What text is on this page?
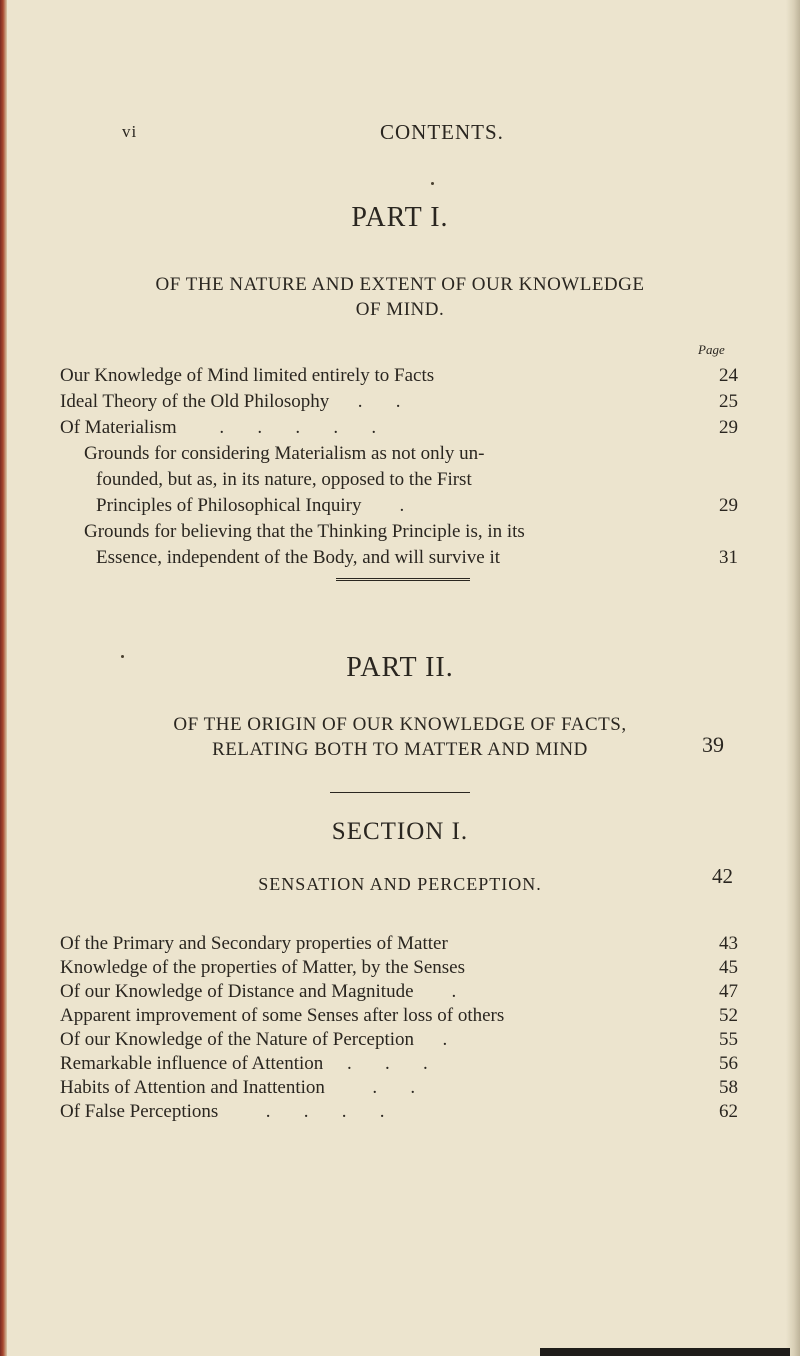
vi	CONTENTS.
PART I.
OF THE NATURE AND EXTENT OF OUR KNOWLEDGE
OF MIND.
Page
Our Knowledge of Mind limited entirely to Facts	24
Ideal Theory of the Old Philosophy      .       .	25
Of Materialism         .       .       .       .       .	29
Grounds for considering Materialism as not only un-
founded, but as, in its nature, opposed to the First
Principles of Philosophical Inquiry        .	29
Grounds for believing that the Thinking Principle is, in its
Essence, independent of the Body, and will survive it	31
PART II.
OF THE ORIGIN OF OUR KNOWLEDGE OF FACTS,
RELATING BOTH TO MATTER AND MIND	39
SECTION I.
SENSATION AND PERCEPTION.	42
Of the Primary and Secondary properties of Matter	43
Knowledge of the properties of Matter, by the Senses	45
Of our Knowledge of Distance and Magnitude        .	47
Apparent improvement of some Senses after loss of others	52
Of our Knowledge of the Nature of Perception      .	55
Remarkable influence of Attention     .       .       .	56
Habits of Attention and Inattention          .       .	58
Of False Perceptions          .       .       .       .	62
